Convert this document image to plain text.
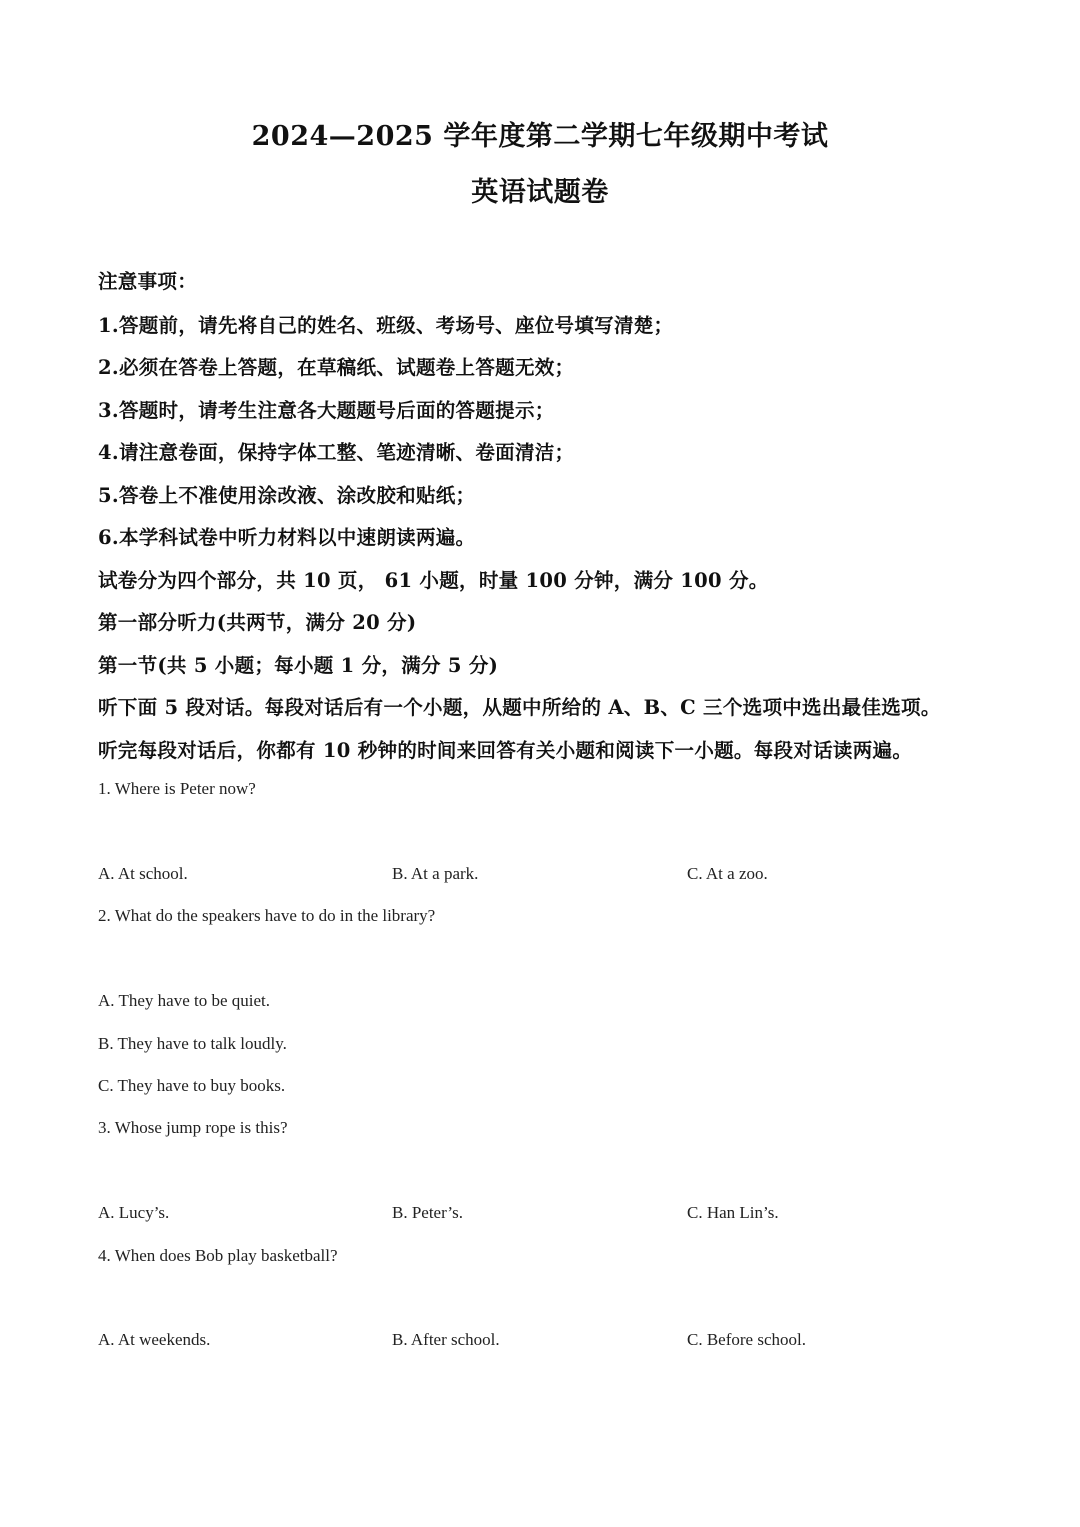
2024—2025 学年度第二学期七年级期中考试
英语试题卷
注意事项：
1.答题前，请先将自己的姓名、班级、考场号、座位号填写清楚；
2.必须在答卷上答题，在草稿纸、试题卷上答题无效；
3.答题时，请考生注意各大题题号后面的答题提示；
4.请注意卷面，保持字体工整、笔迹清晰、卷面清洁；
5.答卷上不准使用涂改液、涂改胶和贴纸；
6.本学科试卷中听力材料以中速朗读两遍。
试卷分为四个部分，共 10 页， 61 小题，时量 100 分钟，满分 100 分。
第一部分听力(共两节，满分 20 分)
第一节(共 5 小题；每小题 1 分，满分 5 分)
听下面 5 段对话。每段对话后有一个小题，从题中所给的 A、B、C 三个选项中选出最佳选项。
听完每段对话后，你都有 10 秒钟的时间来回答有关小题和阅读下一小题。每段对话读两遍。
1. Where is Peter now?
A. At school.	B. At a park.	C. At a zoo.
2. What do the speakers have to do in the library?
A. They have to be quiet.
B. They have to talk loudly.
C. They have to buy books.
3. Whose jump rope is this?
A. Lucy’s.	B. Peter’s.	C. Han Lin’s.
4. When does Bob play basketball?
A. At weekends.	B. After school.	C. Before school.
